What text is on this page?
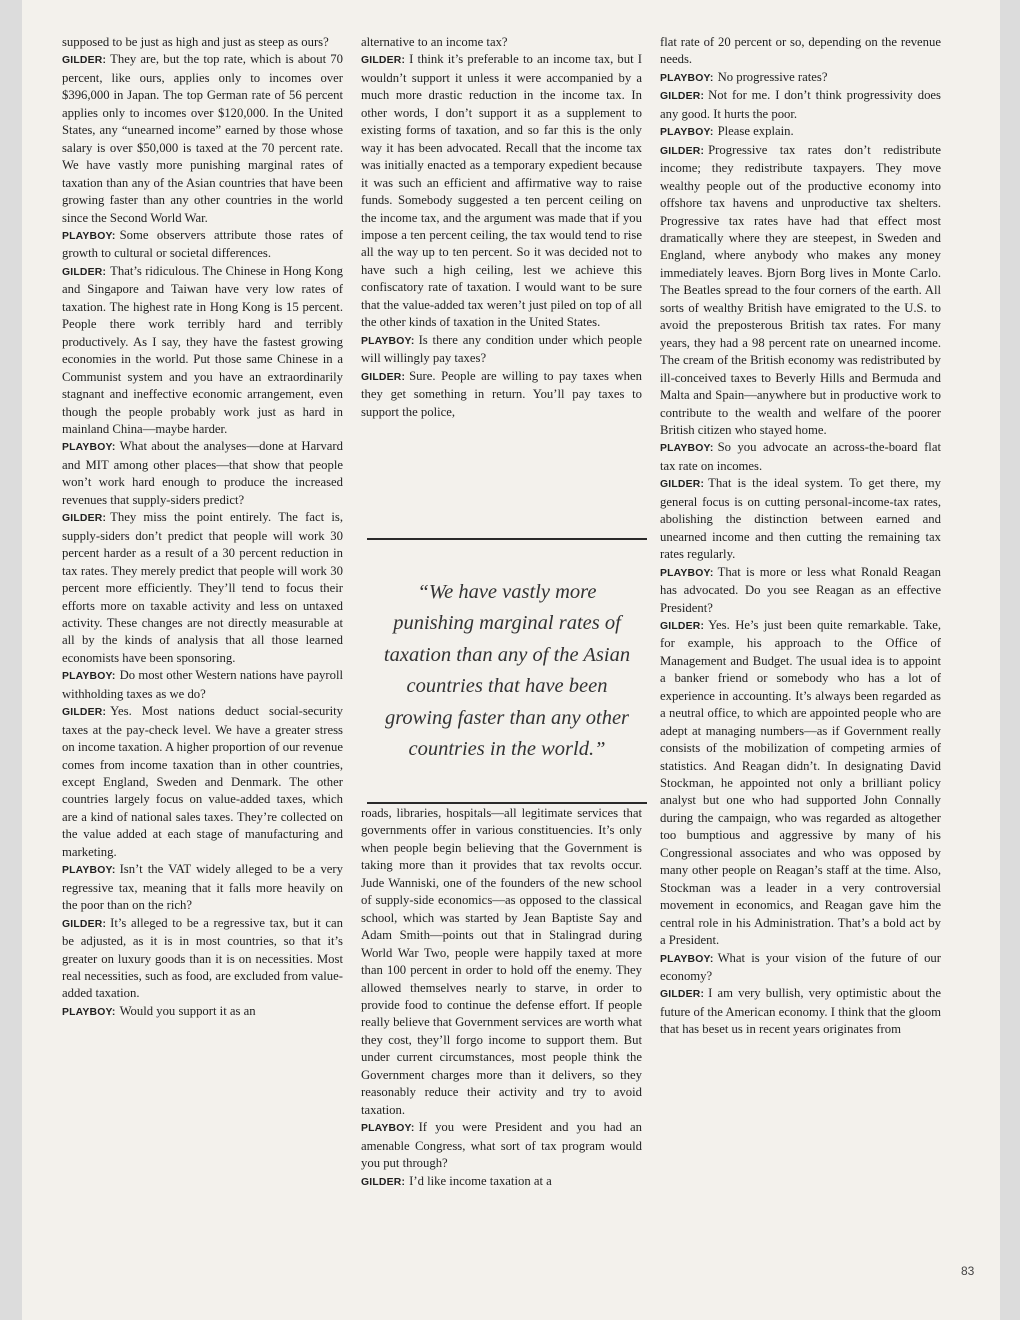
supposed to be just as high and just as steep as ours?

GILDER: They are, but the top rate, which is about 70 percent, like ours, applies only to incomes over $396,000 in Japan. The top German rate of 56 percent applies only to incomes over $120,000. In the United States, any “unearned income” earned by those whose salary is over $50,000 is taxed at the 70 percent rate. We have vastly more punishing marginal rates of taxation than any of the Asian countries that have been growing faster than any other countries in the world since the Second World War.

PLAYBOY: Some observers attribute those rates of growth to cultural or societal differences.

GILDER: That’s ridiculous. The Chinese in Hong Kong and Singapore and Taiwan have very low rates of taxation. The highest rate in Hong Kong is 15 percent. People there work terribly hard and terribly productively. As I say, they have the fastest growing economies in the world. Put those same Chinese in a Communist system and you have an extraordinarily stagnant and ineffective economic arrangement, even though the people probably work just as hard in mainland China—maybe harder.

PLAYBOY: What about the analyses—done at Harvard and MIT among other places—that show that people won’t work hard enough to produce the increased revenues that supply-siders predict?

GILDER: They miss the point entirely. The fact is, supply-siders don’t predict that people will work 30 percent harder as a result of a 30 percent reduction in tax rates. They merely predict that people will work 30 percent more efficiently. They’ll tend to focus their efforts more on taxable activity and less on untaxed activity. These changes are not directly measurable at all by the kinds of analysis that all those learned economists have been sponsoring.

PLAYBOY: Do most other Western nations have payroll withholding taxes as we do?

GILDER: Yes. Most nations deduct social-security taxes at the pay-check level. We have a greater stress on income taxation. A higher proportion of our revenue comes from income taxation than in other countries, except England, Sweden and Denmark. The other countries largely focus on value-added taxes, which are a kind of national sales taxes. They’re collected on the value added at each stage of manufacturing and marketing.

PLAYBOY: Isn’t the VAT widely alleged to be a very regressive tax, meaning that it falls more heavily on the poor than on the rich?

GILDER: It’s alleged to be a regressive tax, but it can be adjusted, as it is in most countries, so that it’s greater on luxury goods than it is on necessities. Most real necessities, such as food, are excluded from value-added taxation.

PLAYBOY: Would you support it as an

alternative to an income tax?

GILDER: I think it’s preferable to an income tax, but I wouldn’t support it unless it were accompanied by a much more drastic reduction in the income tax. In other words, I don’t support it as a supplement to existing forms of taxation, and so far this is the only way it has been advocated. Recall that the income tax was initially enacted as a temporary expedient because it was such an efficient and affirmative way to raise funds. Somebody suggested a ten percent ceiling on the income tax, and the argument was made that if you impose a ten percent ceiling, the tax would tend to rise all the way up to ten percent. So it was decided not to have such a high ceiling, lest we achieve this confiscatory rate of taxation. I would want to be sure that the value-added tax weren’t just piled on top of all the other kinds of taxation in the United States.

PLAYBOY: Is there any condition under which people will willingly pay taxes?

GILDER: Sure. People are willing to pay taxes when they get something in return. You’ll pay taxes to support the police,

“We have vastly more punishing marginal rates of taxation than any of the Asian countries that have been growing faster than any other countries in the world.”

roads, libraries, hospitals—all legitimate services that governments offer in various constituencies. It’s only when people begin believing that the Government is taking more than it provides that tax revolts occur. Jude Wanniski, one of the founders of the new school of supply-side economics—as opposed to the classical school, which was started by Jean Baptiste Say and Adam Smith—points out that in Stalingrad during World War Two, people were happily taxed at more than 100 percent in order to hold off the enemy. They allowed themselves nearly to starve, in order to provide food to continue the defense effort. If people really believe that Government services are worth what they cost, they’ll forgo income to support them. But under current circumstances, most people think the Government charges more than it delivers, so they reasonably reduce their activity and try to avoid taxation.

PLAYBOY: If you were President and you had an amenable Congress, what sort of tax program would you put through?

GILDER: I’d like income taxation at a

flat rate of 20 percent or so, depending on the revenue needs.

PLAYBOY: No progressive rates?

GILDER: Not for me. I don’t think progressivity does any good. It hurts the poor.

PLAYBOY: Please explain.

GILDER: Progressive tax rates don’t redistribute income; they redistribute taxpayers. They move wealthy people out of the productive economy into offshore tax havens and unproductive tax shelters. Progressive tax rates have had that effect most dramatically where they are steepest, in Sweden and England, where anybody who makes any money immediately leaves. Bjorn Borg lives in Monte Carlo. The Beatles spread to the four corners of the earth. All sorts of wealthy British have emigrated to the U.S. to avoid the preposterous British tax rates. For many years, they had a 98 percent rate on unearned income. The cream of the British economy was redistributed by ill-conceived taxes to Beverly Hills and Bermuda and Malta and Spain—anywhere but in productive work to contribute to the wealth and welfare of the poorer British citizen who stayed home.

PLAYBOY: So you advocate an across-the-board flat tax rate on incomes.

GILDER: That is the ideal system. To get there, my general focus is on cutting personal-income-tax rates, abolishing the distinction between earned and unearned income and then cutting the remaining tax rates regularly.

PLAYBOY: That is more or less what Ronald Reagan has advocated. Do you see Reagan as an effective President?

GILDER: Yes. He’s just been quite remarkable. Take, for example, his approach to the Office of Management and Budget. The usual idea is to appoint a banker friend or somebody who has a lot of experience in accounting. It’s always been regarded as a neutral office, to which are appointed people who are adept at managing numbers—as if Government really consists of the mobilization of competing armies of statistics. And Reagan didn’t. In designating David Stockman, he appointed not only a brilliant policy analyst but one who had supported John Connally during the campaign, who was regarded as altogether too bumptious and aggressive by many of his Congressional associates and who was opposed by many other people on Reagan’s staff at the time. Also, Stockman was a leader in a very controversial movement in economics, and Reagan gave him the central role in his Administration. That’s a bold act by a President.

PLAYBOY: What is your vision of the future of our economy?

GILDER: I am very bullish, very optimistic about the future of the American economy. I think that the gloom that has beset us in recent years originates from

83
